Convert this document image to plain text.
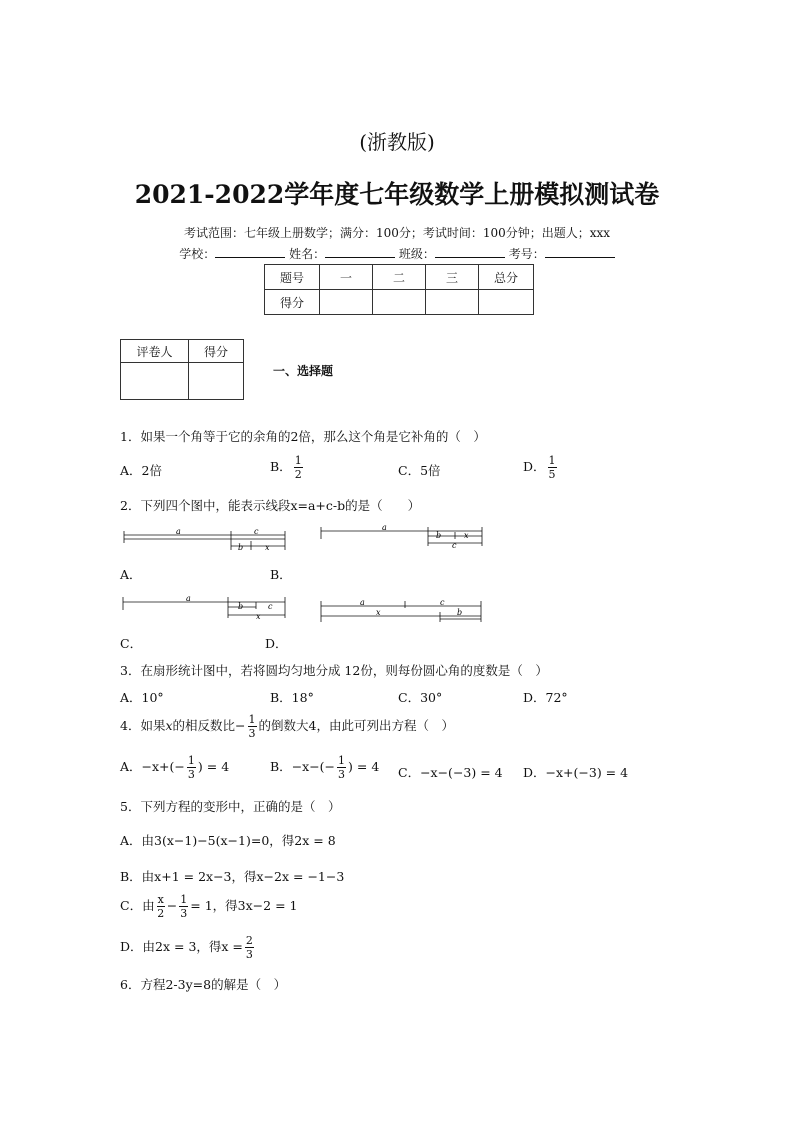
(浙教版)
2021-2022学年度七年级数学上册模拟测试卷
考试范围：七年级上册数学；满分：100分；考试时间：100分钟；出题人；xxx
学校：	姓名：	班级：	考号：
题号	一	二	三	总分
得分				
评卷人	得分

一、选择题
1．如果一个角等于它的余角的2倍，那么这个角是它补角的（　）
A．2倍	B． $\frac{1}{2}$	C．5倍	D． $\frac{1}{5}$
2．下列四个图中，能表示线段x=a+c-b的是（　　）
a	c
b	x
a
b	x
c
A．	B．
a
b	c
x
a	c
x	b
C．	D．
3．在扇形统计图中，若将圆均匀地分成 12份，则每份圆心角的度数是（　）
A．10°	B．18°	C．30°	D．72°
4．如果x的相反数比− $\frac{1}{3}$ 的倒数大4，由此可列出方程（　）
A．$-x+(- \frac{1}{3}$ ) = 4	B．$-x-(- \frac{1}{3}$ ) = 4 C．−x−(−3) = 4 D．−x+(−3) = 4
5．下列方程的变形中，正确的是（　）
A．由3(x−1)−5(x−1)=0，得2x = 8
B．由x+1 = 2x−3，得x−2x = −1−3
C．由 $\frac{x}{2} - \frac{1}{3} = 1$，得3x−2 = 1
D．由2x = 3，得$x = \frac{2}{3}$
6．方程2-3y=8的解是（　）
